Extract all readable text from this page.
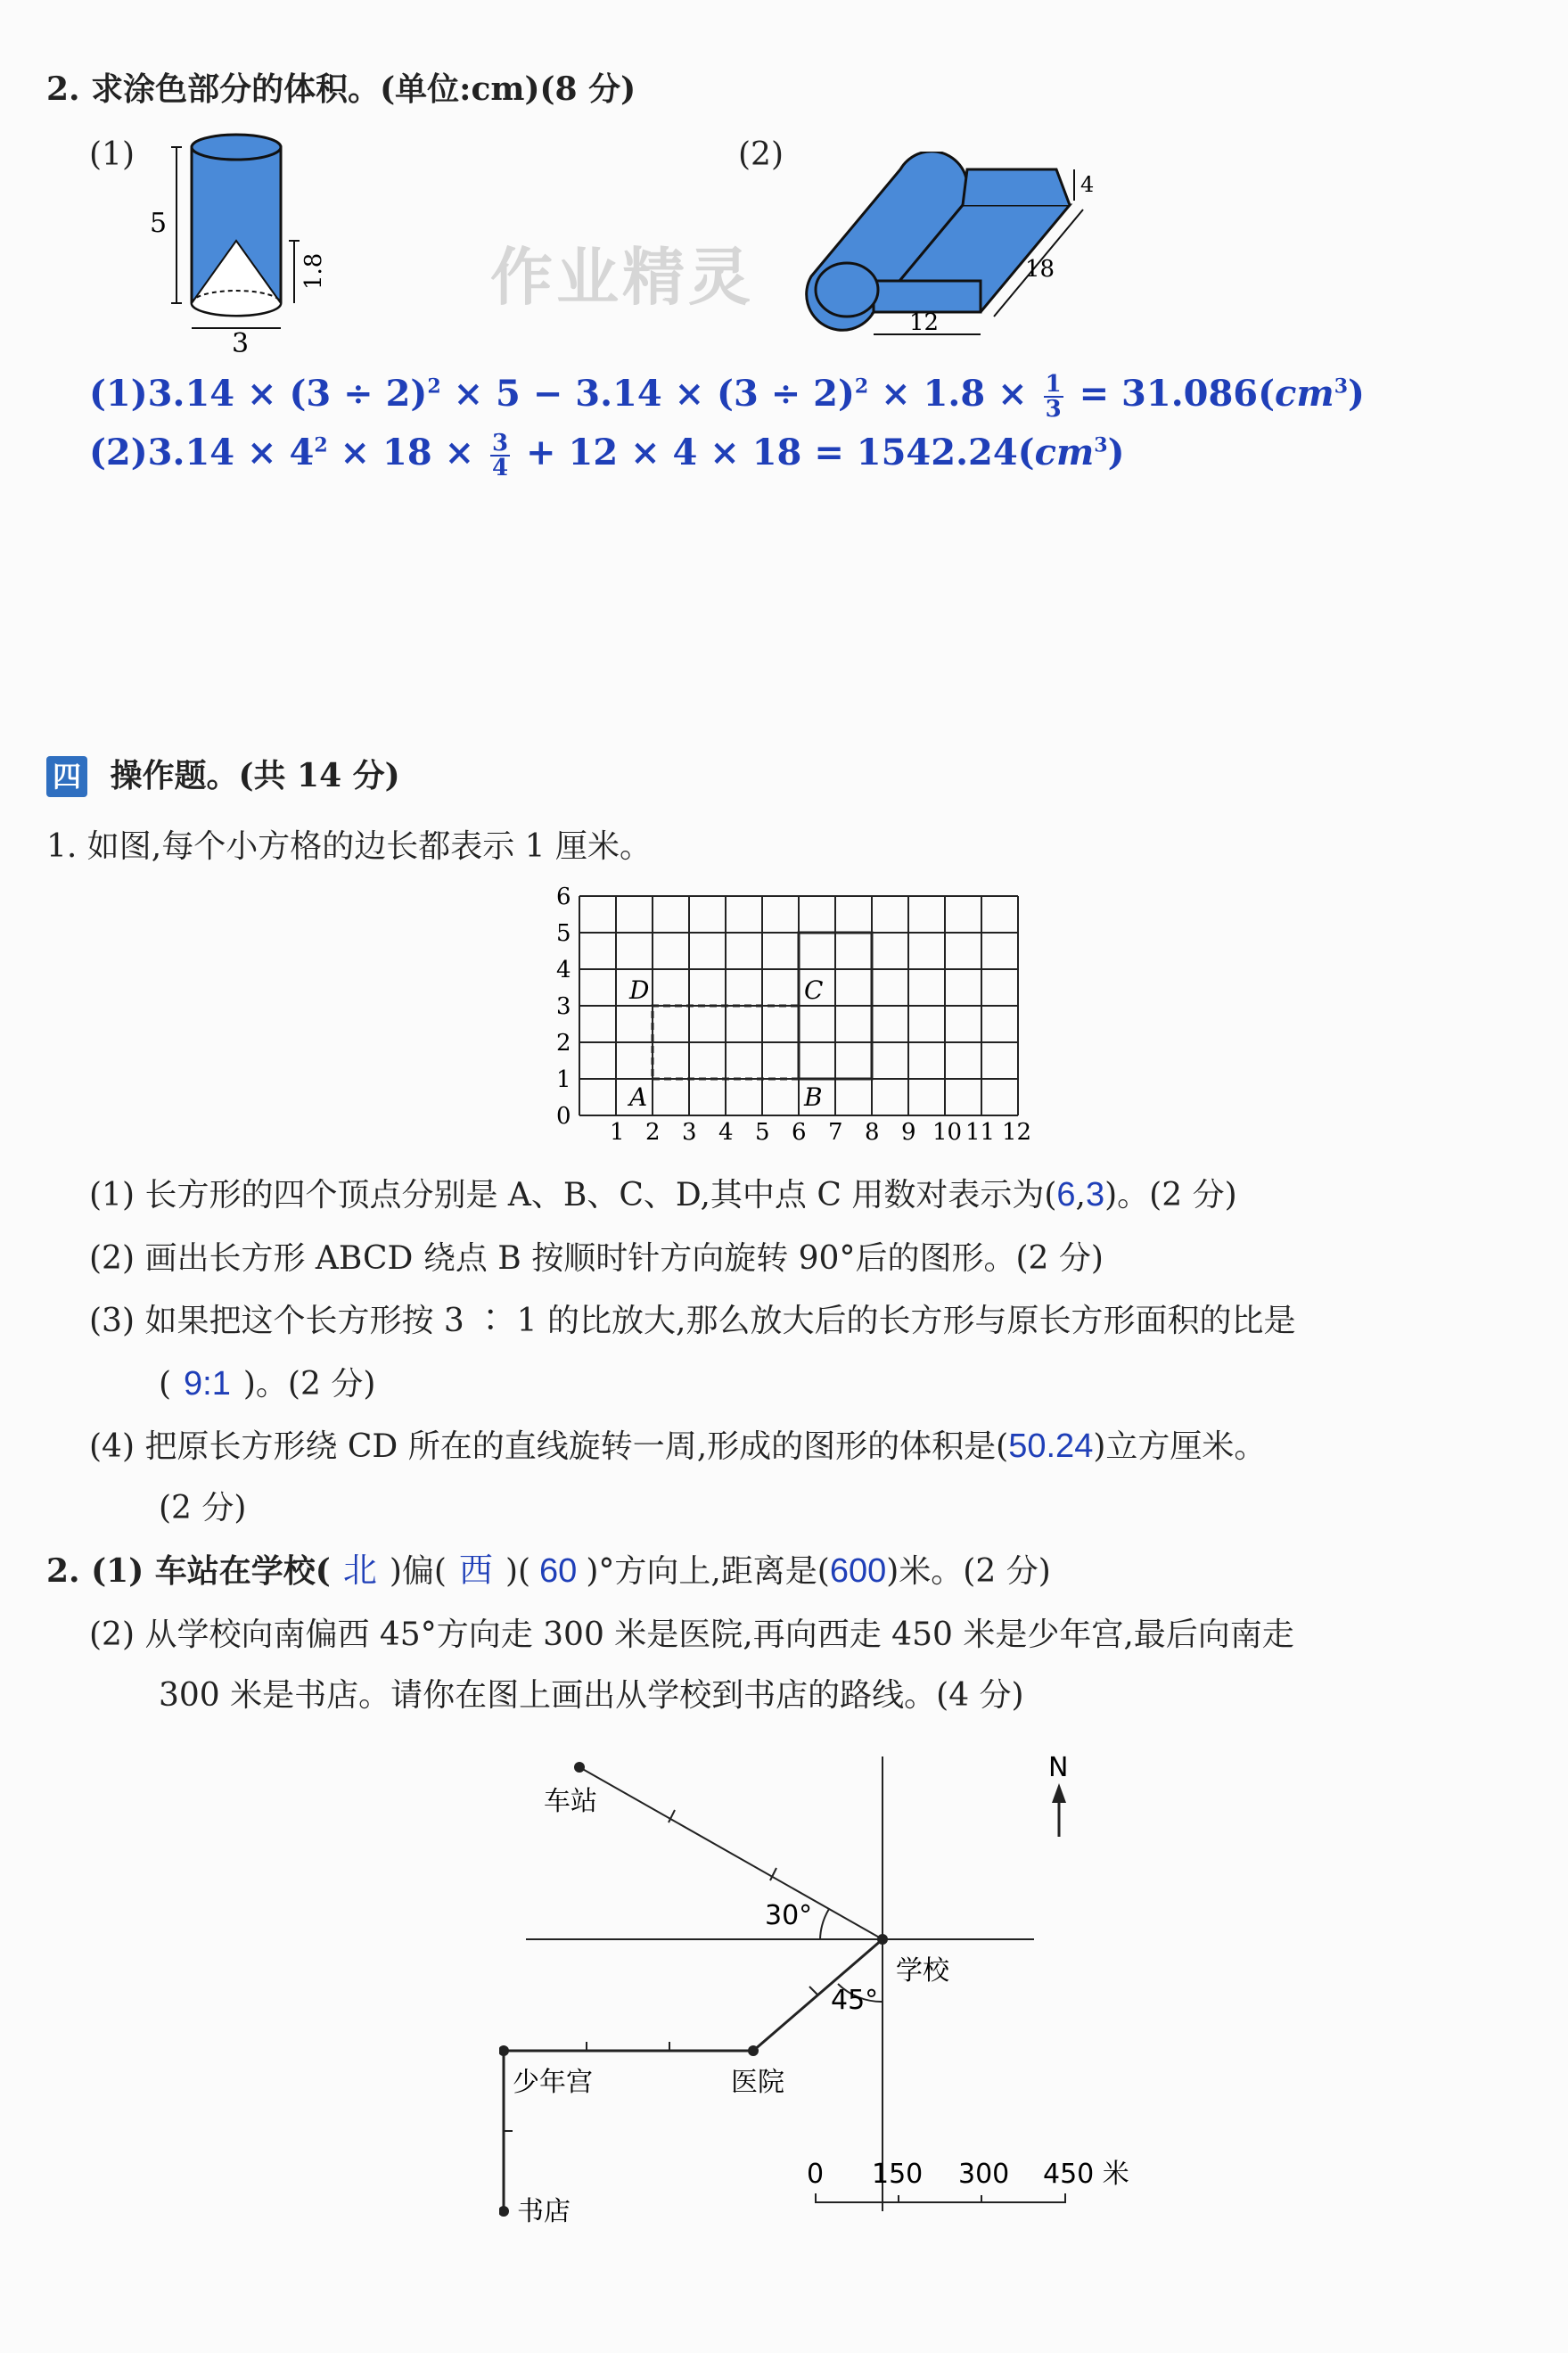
2. 求涂色部分的体积。(单位:cm)(8 分)
(1)	(2)
5
1.8
3
4
18
12
作业精灵
$(1)3.14 \times (3 \div 2)^2 \times 5 - 3.14 \times (3 \div 2)^2 \times 1.8 \times \frac{1}{3} = 31.086(cm^3)$
$(2)3.14 \times 4^2 \times 18 \times \frac{3}{4} + 12 \times 4 \times 18 = 1542.24(cm^3)$
四 操作题。(共 14 分)
1. 如图,每个小方格的边长都表示 1 厘米。
0
1
2
3
4
5
6
1 2 3 4 5 6 7 8 9 10 11 12
A	B
C
D
(1) 长方形的四个顶点分别是 A、B、C、D,其中点 C 用数对表示为(6,3)。(2 分)
(2) 画出长方形 ABCD 绕点 B 按顺时针方向旋转 90°后的图形。(2 分)
(3) 如果把这个长方形按 3 ∶ 1 的比放大,那么放大后的长方形与原长方形面积的比是
( 9:1 )。(2 分)
(4) 把原长方形绕 CD 所在的直线旋转一周,形成的图形的体积是(50.24)立方厘米。
(2 分)
2. (1) 车站在学校( 北 )偏( 西 )( 60 )°方向上,距离是(600)米。(2 分)
(2) 从学校向南偏西 45°方向走 300 米是医院,再向西走 450 米是少年宫,最后向南走
300 米是书店。请你在图上画出从学校到书店的路线。(4 分)
N
车站
学校
医院
少年宫
书店
30°
45°
0 150 300 450 米
